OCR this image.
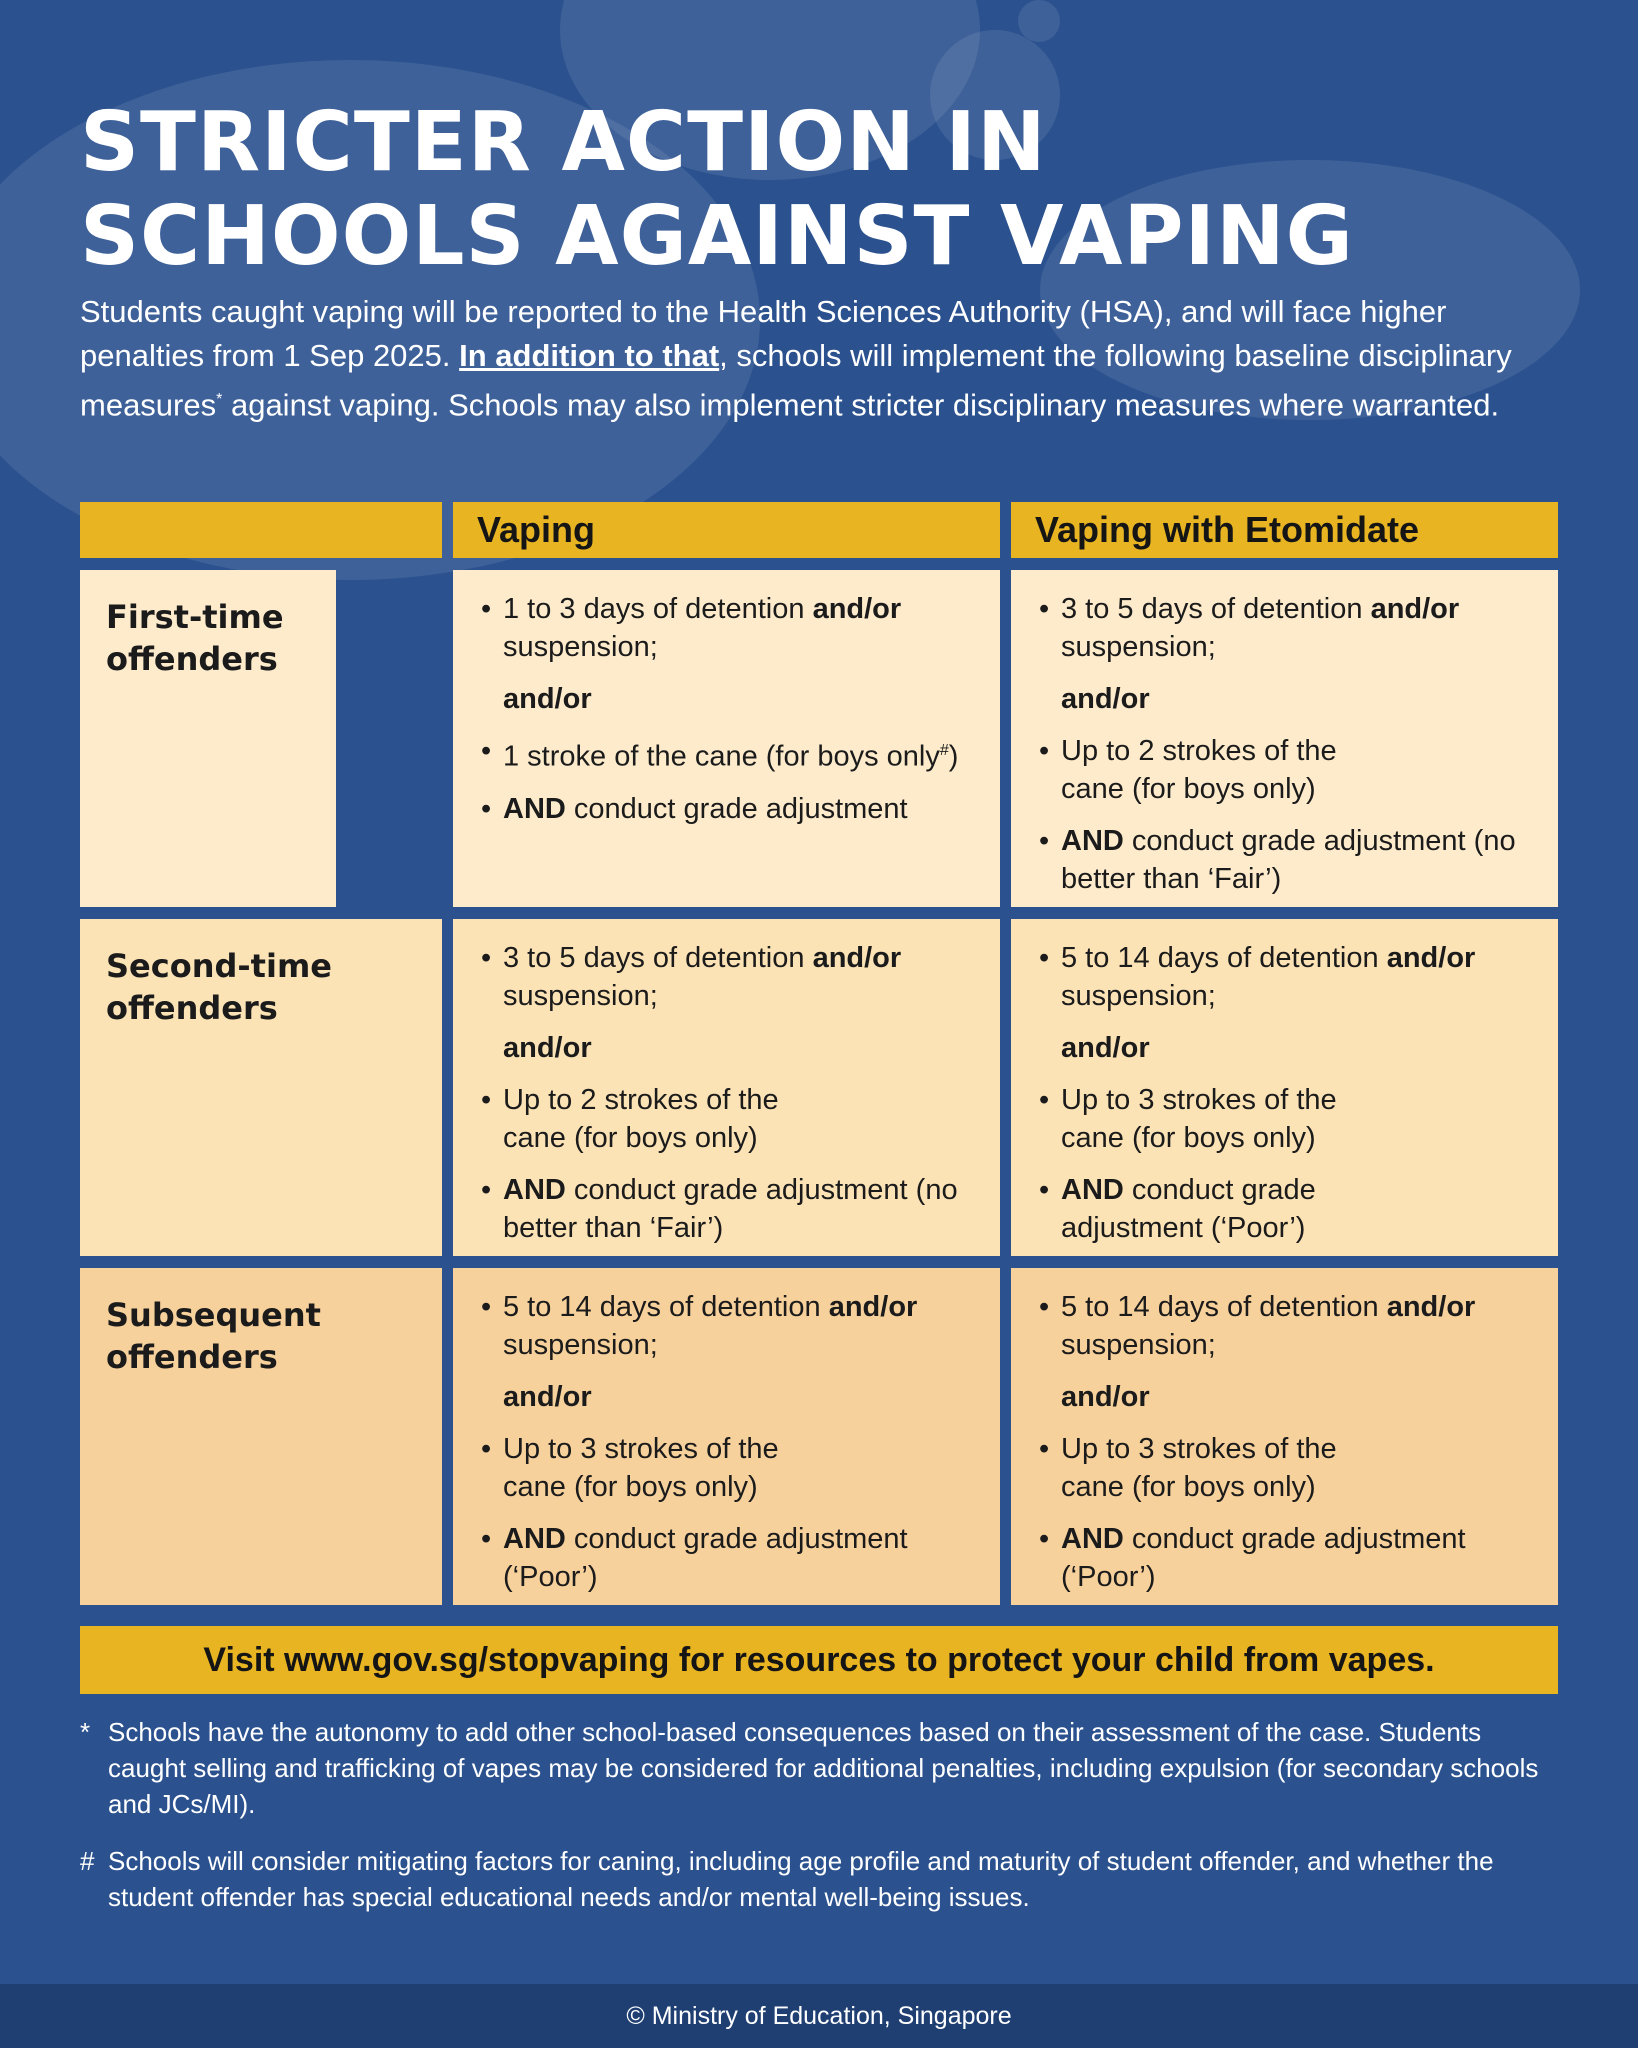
STRICTER ACTION IN
SCHOOLS AGAINST VAPING
Students caught vaping will be reported to the Health Sciences Authority (HSA), and will face higher penalties from 1 Sep 2025. In addition to that, schools will implement the following baseline disciplinary measures* against vaping. Schools may also implement stricter disciplinary measures where warranted.
Vaping	Vaping with Etomidate
First-time offenders
• 1 to 3 days of detention and/or suspension;
and/or
• 1 stroke of the cane (for boys only#)
• AND conduct grade adjustment
• 3 to 5 days of detention and/or suspension;
and/or
• Up to 2 strokes of the cane (for boys only)
• AND conduct grade adjustment (no better than ‘Fair’)
Second-time offenders
• 3 to 5 days of detention and/or suspension;
and/or
• Up to 2 strokes of the cane (for boys only)
• AND conduct grade adjustment (no better than ‘Fair’)
• 5 to 14 days of detention and/or suspension;
and/or
• Up to 3 strokes of the cane (for boys only)
• AND conduct grade adjustment (‘Poor’)
Subsequent offenders
• 5 to 14 days of detention and/or suspension;
and/or
• Up to 3 strokes of the cane (for boys only)
• AND conduct grade adjustment (‘Poor’)
• 5 to 14 days of detention and/or suspension;
and/or
• Up to 3 strokes of the cane (for boys only)
• AND conduct grade adjustment (‘Poor’)
Visit www.gov.sg/stopvaping for resources to protect your child from vapes.
* Schools have the autonomy to add other school-based consequences based on their assessment of the case. Students caught selling and trafficking of vapes may be considered for additional penalties, including expulsion (for secondary schools and JCs/MI).
# Schools will consider mitigating factors for caning, including age profile and maturity of student offender, and whether the student offender has special educational needs and/or mental well-being issues.
© Ministry of Education, Singapore
